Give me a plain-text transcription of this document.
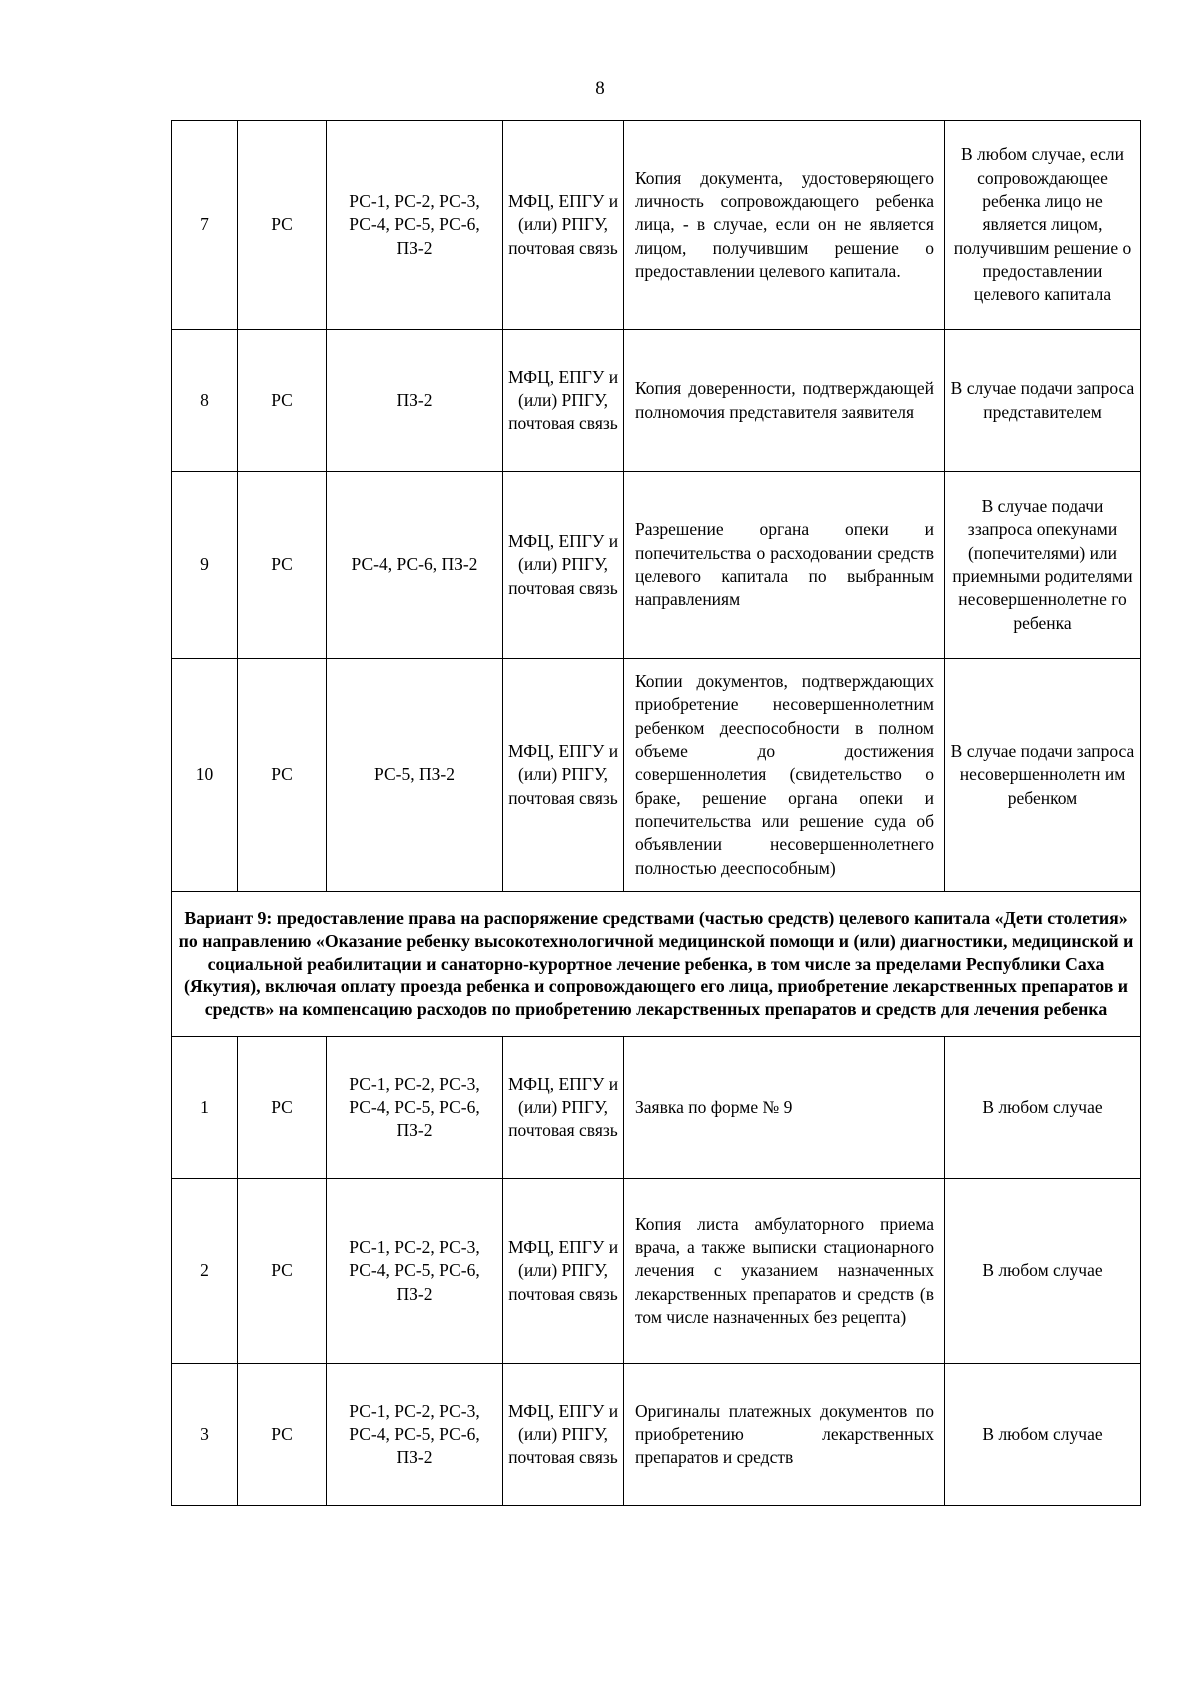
8
7	РС	РС-1, РС-2, РС-3, РС-4, РС-5, РС-6, ПЗ-2	МФЦ, ЕПГУ и (или) РПГУ, почтовая связь	Копия документа, удостоверяющего личность сопровождающего ребенка лица, - в случае, если он не является лицом, получившим решение о предоставлении целевого капитала.	В любом случае, если сопровождающее ребенка лицо не является лицом, получившим решение о предоставлении целевого капитала
8	РС	ПЗ-2	МФЦ, ЕПГУ и (или) РПГУ, почтовая связь	Копия доверенности, подтверждающей полномочия представителя заявителя	В случае подачи запроса представителем
9	РС	РС-4, РС-6, ПЗ-2	МФЦ, ЕПГУ и (или) РПГУ, почтовая связь	Разрешение органа опеки и попечительства о расходовании средств целевого капитала по выбранным направлениям	В случае подачи ззапроса опекунами (попечителями) или приемными родителями несовершеннолетне го ребенка
10	РС	РС-5, ПЗ-2	МФЦ, ЕПГУ и (или) РПГУ, почтовая связь	Копии документов, подтверждающих приобретение несовершеннолетним ребенком дееспособности в полном объеме до достижения совершеннолетия (свидетельство о браке, решение органа опеки и попечительства или решение суда об объявлении несовершеннолетнего полностью дееспособным)	В случае подачи запроса несовершеннолетн им ребенком
Вариант 9: предоставление права на распоряжение средствами (частью средств) целевого капитала «Дети столетия» по направлению «Оказание ребенку высокотехнологичной медицинской помощи и (или) диагностики, медицинской и социальной реабилитации и санаторно-курортное лечение ребенка, в том числе за пределами Республики Саха (Якутия), включая оплату проезда ребенка и сопровождающего его лица, приобретение лекарственных препаратов и средств» на компенсацию расходов по приобретению лекарственных препаратов и средств для лечения ребенка					
1	РС	РС-1, РС-2, РС-3, РС-4, РС-5, РС-6, ПЗ-2	МФЦ, ЕПГУ и (или) РПГУ, почтовая связь	Заявка по форме № 9	В любом случае
2	РС	РС-1, РС-2, РС-3, РС-4, РС-5, РС-6, ПЗ-2	МФЦ, ЕПГУ и (или) РПГУ, почтовая связь	Копия листа амбулаторного приема врача, а также выписки стационарного лечения с указанием назначенных лекарственных препаратов и средств (в том числе назначенных без рецепта)	В любом случае
3	РС	РС-1, РС-2, РС-3, РС-4, РС-5, РС-6, ПЗ-2	МФЦ, ЕПГУ и (или) РПГУ, почтовая связь	Оригиналы платежных документов по приобретению лекарственных препаратов и средств	В любом случае
